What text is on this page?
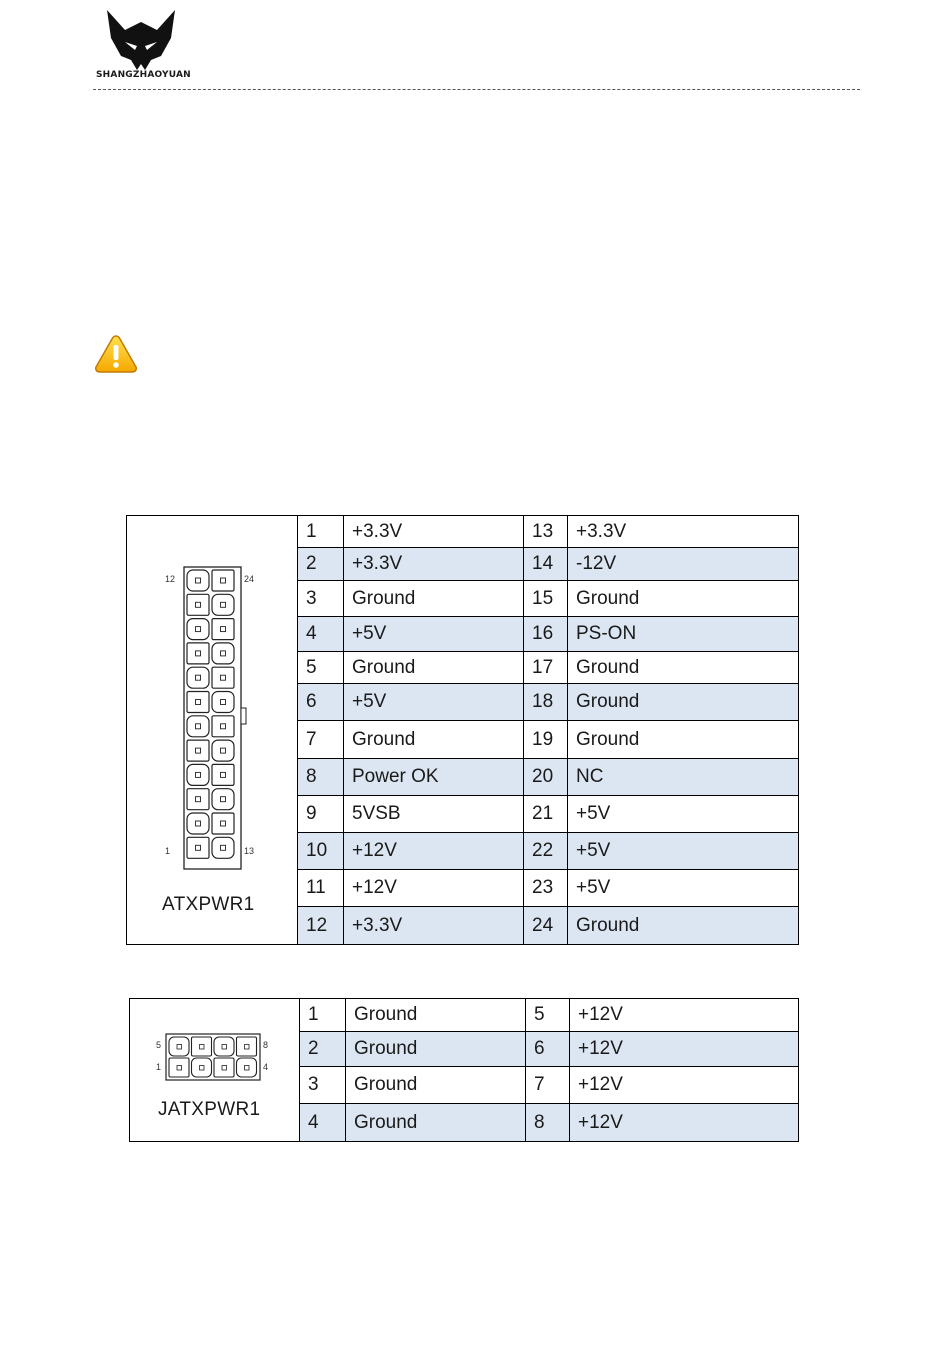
SHANGZHAOYUAN
12 24
1 13
ATXPWR1	1	+3.3V	13	+3.3V
	2	+3.3V	14	-12V
	3	Ground	15	Ground
	4	+5V	16	PS-ON
	5	Ground	17	Ground
	6	+5V	18	Ground
	7	Ground	19	Ground
	8	Power OK	20	NC
	9	5VSB	21	+5V
	10	+12V	22	+5V
	11	+12V	23	+5V
	12	+3.3V	24	Ground
5 8
1 4
JATXPWR1	1	Ground	5	+12V
	2	Ground	6	+12V
	3	Ground	7	+12V
	4	Ground	8	+12V
